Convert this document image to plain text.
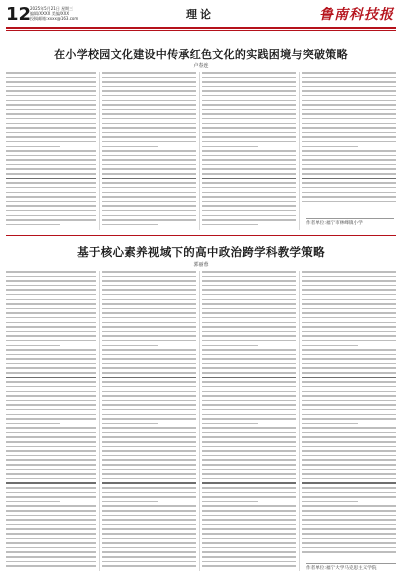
12
2025年5月21日 星期三
编辑/XXXX 美编/XXX
投稿邮箱:xxxx@163.com	理论	鲁南科技报
在小学校园文化建设中传承红色文化的实践困境与突破策略
卢春连
作者单位:福宁市林峰镇小学
基于核心素养视域下的高中政治跨学科教学策略
郭丽蓉
作者单位:福宁大学马克思主义学院
